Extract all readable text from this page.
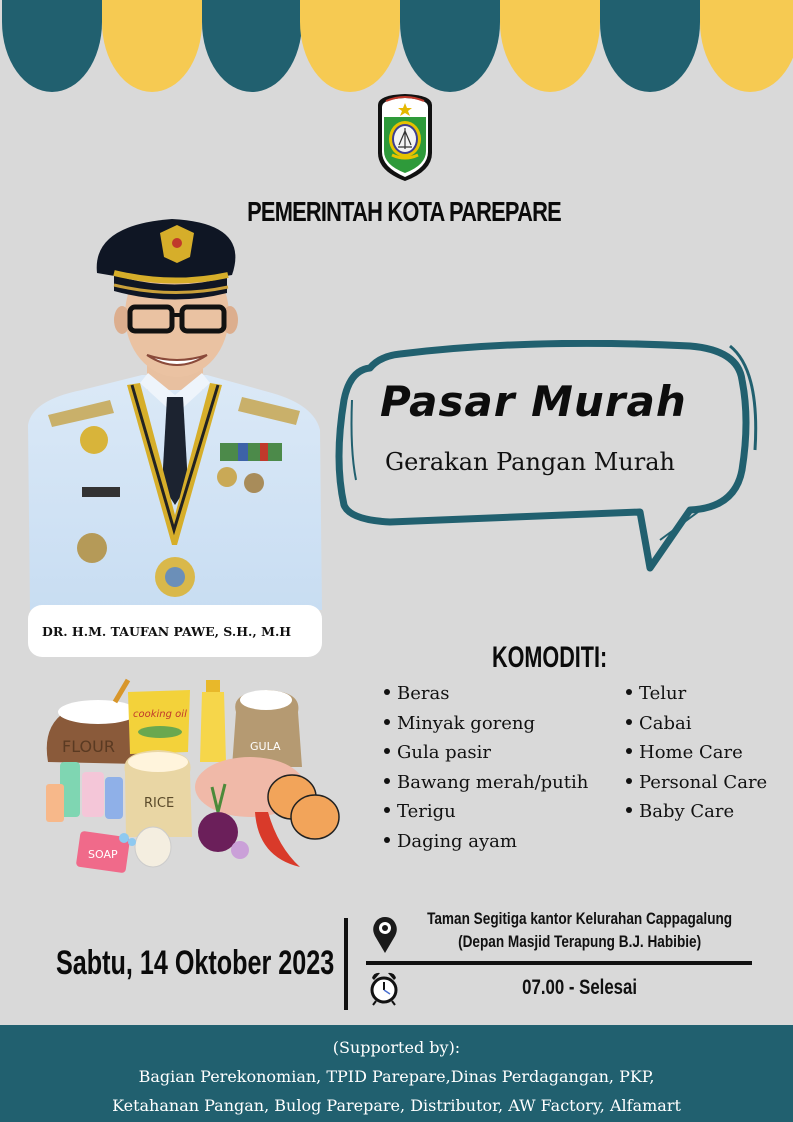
PEMERINTAH KOTA PAREPARE
DR. H.M. TAUFAN PAWE, S.H., M.H
Pasar Murah
Gerakan Pangan Murah
FLOUR
cooking oil
GULA
RICE
SOAP
KOMODITI:
Beras
Minyak goreng
Gula pasir
Bawang merah/putih
Terigu
Daging ayam
Telur
Cabai
Home Care
Personal Care
Baby Care
Sabtu, 14 Oktober 2023
Taman Segitiga kantor Kelurahan Cappagalung
(Depan Masjid Terapung B.J. Habibie)
07.00 - Selesai
(Supported by):
Bagian Perekonomian, TPID Parepare,Dinas Perdagangan, PKP,
Ketahanan Pangan, Bulog Parepare, Distributor, AW Factory, Alfamart
